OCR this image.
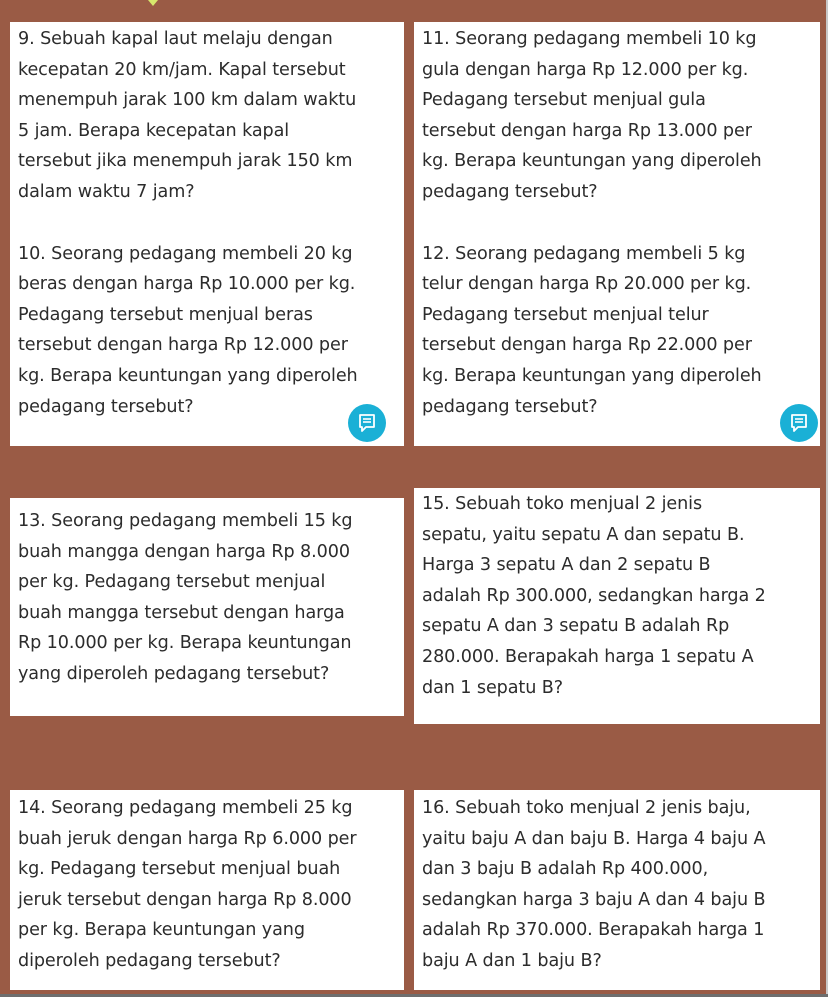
9. Sebuah kapal laut melaju dengan
kecepatan 20 km/jam. Kapal tersebut
menempuh jarak 100 km dalam waktu
5 jam. Berapa kecepatan kapal
tersebut jika menempuh jarak 150 km
dalam waktu 7 jam?

10. Seorang pedagang membeli 20 kg
beras dengan harga Rp 10.000 per kg.
Pedagang tersebut menjual beras
tersebut dengan harga Rp 12.000 per
kg. Berapa keuntungan yang diperoleh
pedagang tersebut?

11. Seorang pedagang membeli 10 kg
gula dengan harga Rp 12.000 per kg.
Pedagang tersebut menjual gula
tersebut dengan harga Rp 13.000 per
kg. Berapa keuntungan yang diperoleh
pedagang tersebut?

12. Seorang pedagang membeli 5 kg
telur dengan harga Rp 20.000 per kg.
Pedagang tersebut menjual telur
tersebut dengan harga Rp 22.000 per
kg. Berapa keuntungan yang diperoleh
pedagang tersebut?

13. Seorang pedagang membeli 15 kg
buah mangga dengan harga Rp 8.000
per kg. Pedagang tersebut menjual
buah mangga tersebut dengan harga
Rp 10.000 per kg. Berapa keuntungan
yang diperoleh pedagang tersebut?

15. Sebuah toko menjual 2 jenis
sepatu, yaitu sepatu A dan sepatu B.
Harga 3 sepatu A dan 2 sepatu B
adalah Rp 300.000, sedangkan harga 2
sepatu A dan 3 sepatu B adalah Rp
280.000. Berapakah harga 1 sepatu A
dan 1 sepatu B?

14. Seorang pedagang membeli 25 kg
buah jeruk dengan harga Rp 6.000 per
kg. Pedagang tersebut menjual buah
jeruk tersebut dengan harga Rp 8.000
per kg. Berapa keuntungan yang
diperoleh pedagang tersebut?

16. Sebuah toko menjual 2 jenis baju,
yaitu baju A dan baju B. Harga 4 baju A
dan 3 baju B adalah Rp 400.000,
sedangkan harga 3 baju A dan 4 baju B
adalah Rp 370.000. Berapakah harga 1
baju A dan 1 baju B?
